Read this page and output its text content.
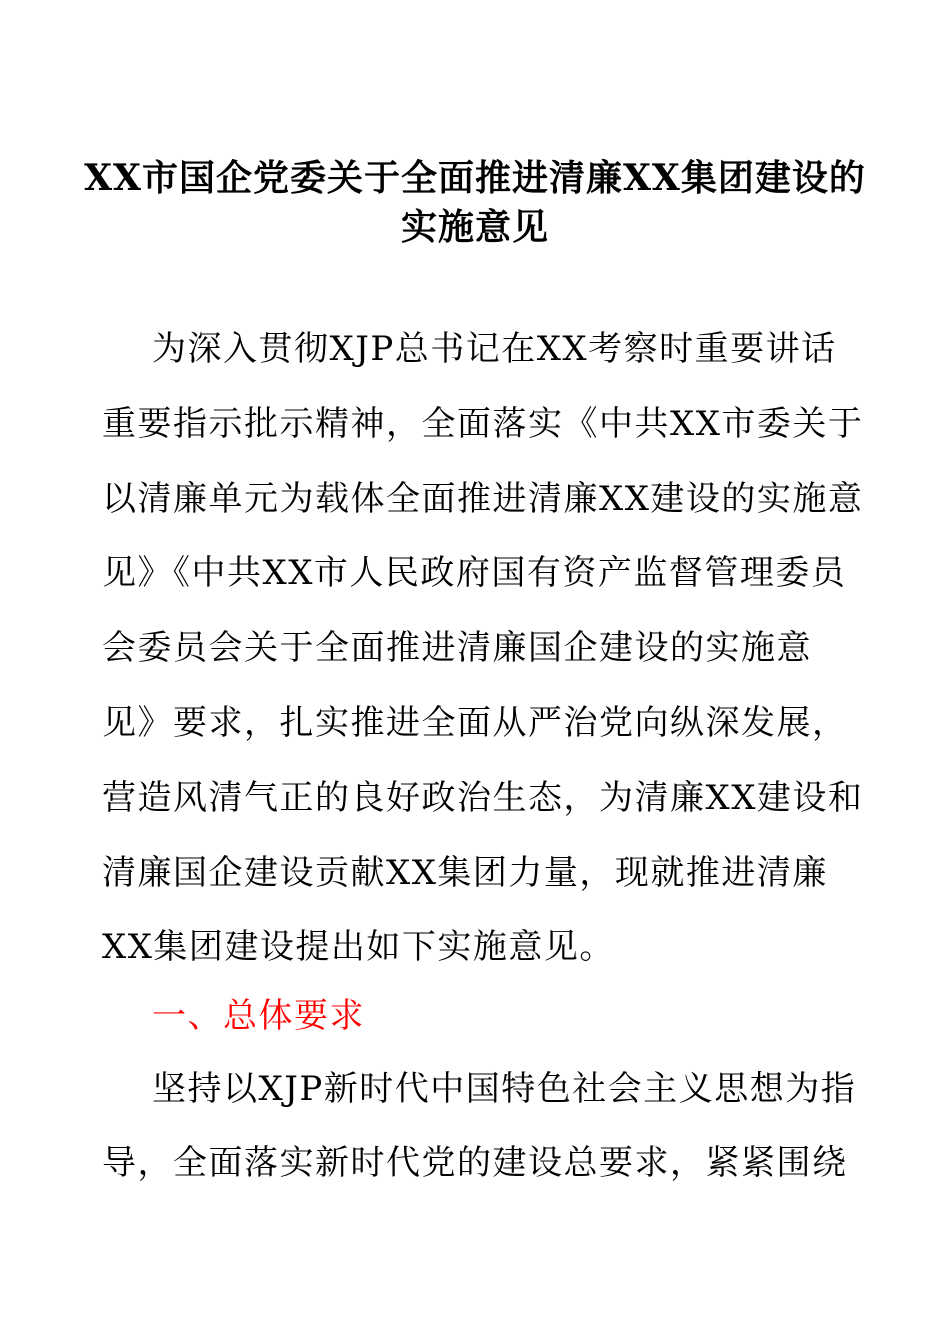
XX市国企党委关于全面推进清廉XX集团建设的
实施意见
为深入贯彻XJP总书记在XX考察时重要讲话
重要指示批示精神，全面落实《中共XX市委关于
以清廉单元为载体全面推进清廉XX建设的实施意
见》《中共XX市人民政府国有资产监督管理委员
会委员会关于全面推进清廉国企建设的实施意
见》要求，扎实推进全面从严治党向纵深发展，
营造风清气正的良好政治生态，为清廉XX建设和
清廉国企建设贡献XX集团力量，现就推进清廉
XX集团建设提出如下实施意见。
一、总体要求
坚持以XJP新时代中国特色社会主义思想为指
导，全面落实新时代党的建设总要求，紧紧围绕
